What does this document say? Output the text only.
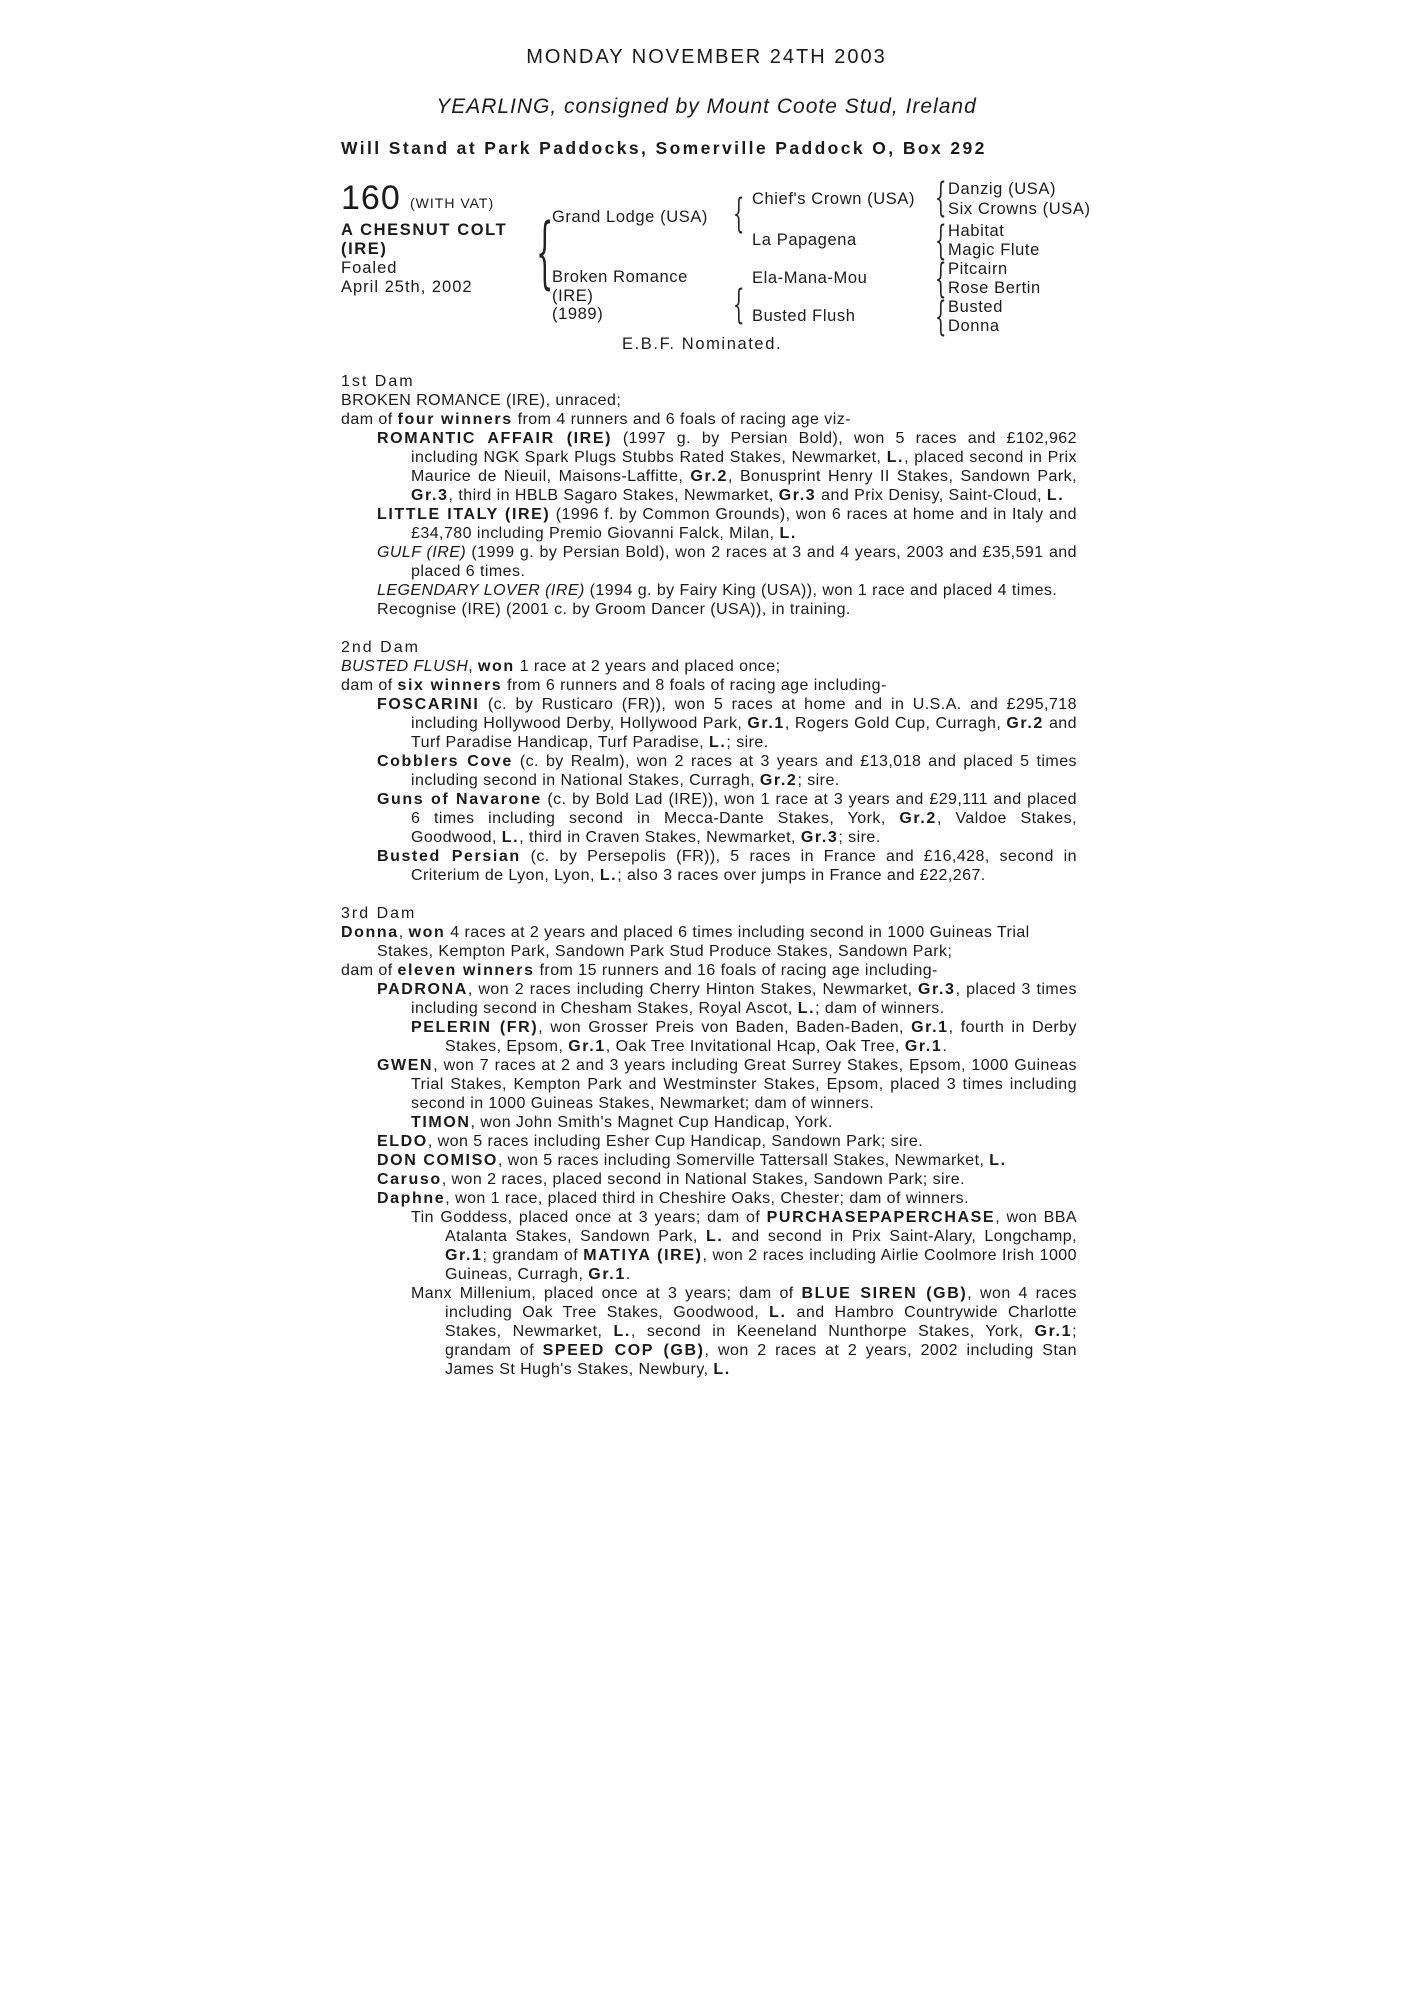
MONDAY NOVEMBER 24TH 2003
YEARLING, consigned by Mount Coote Stud, Ireland
Will Stand at Park Paddocks, Somerville Paddock O, Box 292
160 (WITH VAT)
A CHESNUT COLT
(IRE)
Foaled
April 25th, 2002 {	{
{
{
{
{
{
Grand Lodge (USA)
Broken Romance
(IRE)
(1989)
Chief's Crown (USA)
La Papagena
Ela-Mana-Mou
Busted Flush
Danzig (USA)
Six Crowns (USA)
Habitat
Magic Flute
Pitcairn
Rose Bertin
Busted
Donna
E.B.F. Nominated.
1st Dam
BROKEN ROMANCE (IRE), unraced;
dam of four winners from 4 runners and 6 foals of racing age viz-
ROMANTIC AFFAIR (IRE) (1997 g. by Persian Bold), won 5 races and £102,962 including NGK Spark Plugs Stubbs Rated Stakes, Newmarket, L., placed second in Prix Maurice de Nieuil, Maisons-Laffitte, Gr.2, Bonusprint Henry II Stakes, Sandown Park, Gr.3, third in HBLB Sagaro Stakes, Newmarket, Gr.3 and Prix Denisy, Saint-Cloud, L.
LITTLE ITALY (IRE) (1996 f. by Common Grounds), won 6 races at home and in Italy and £34,780 including Premio Giovanni Falck, Milan, L.
GULF (IRE) (1999 g. by Persian Bold), won 2 races at 3 and 4 years, 2003 and £35,591 and placed 6 times.
LEGENDARY LOVER (IRE) (1994 g. by Fairy King (USA)), won 1 race and placed 4 times.
Recognise (IRE) (2001 c. by Groom Dancer (USA)), in training.
2nd Dam
BUSTED FLUSH, won 1 race at 2 years and placed once;
dam of six winners from 6 runners and 8 foals of racing age including-
FOSCARINI (c. by Rusticaro (FR)), won 5 races at home and in U.S.A. and £295,718 including Hollywood Derby, Hollywood Park, Gr.1, Rogers Gold Cup, Curragh, Gr.2 and Turf Paradise Handicap, Turf Paradise, L.; sire.
Cobblers Cove (c. by Realm), won 2 races at 3 years and £13,018 and placed 5 times including second in National Stakes, Curragh, Gr.2; sire.
Guns of Navarone (c. by Bold Lad (IRE)), won 1 race at 3 years and £29,111 and placed 6 times including second in Mecca-Dante Stakes, York, Gr.2, Valdoe Stakes, Goodwood, L., third in Craven Stakes, Newmarket, Gr.3; sire.
Busted Persian (c. by Persepolis (FR)), 5 races in France and £16,428, second in Criterium de Lyon, Lyon, L.; also 3 races over jumps in France and £22,267.
3rd Dam
Donna, won 4 races at 2 years and placed 6 times including second in 1000 Guineas Trial Stakes, Kempton Park, Sandown Park Stud Produce Stakes, Sandown Park;
dam of eleven winners from 15 runners and 16 foals of racing age including-
PADRONA, won 2 races including Cherry Hinton Stakes, Newmarket, Gr.3, placed 3 times including second in Chesham Stakes, Royal Ascot, L.; dam of winners.
PELERIN (FR), won Grosser Preis von Baden, Baden-Baden, Gr.1, fourth in Derby Stakes, Epsom, Gr.1, Oak Tree Invitational Hcap, Oak Tree, Gr.1.
GWEN, won 7 races at 2 and 3 years including Great Surrey Stakes, Epsom, 1000 Guineas Trial Stakes, Kempton Park and Westminster Stakes, Epsom, placed 3 times including second in 1000 Guineas Stakes, Newmarket; dam of winners.
TIMON, won John Smith's Magnet Cup Handicap, York.
ELDO, won 5 races including Esher Cup Handicap, Sandown Park; sire.
DON COMISO, won 5 races including Somerville Tattersall Stakes, Newmarket, L.
Caruso, won 2 races, placed second in National Stakes, Sandown Park; sire.
Daphne, won 1 race, placed third in Cheshire Oaks, Chester; dam of winners.
Tin Goddess, placed once at 3 years; dam of PURCHASEPAPERCHASE, won BBA Atalanta Stakes, Sandown Park, L. and second in Prix Saint-Alary, Longchamp, Gr.1; grandam of MATIYA (IRE), won 2 races including Airlie Coolmore Irish 1000 Guineas, Curragh, Gr.1.
Manx Millenium, placed once at 3 years; dam of BLUE SIREN (GB), won 4 races including Oak Tree Stakes, Goodwood, L. and Hambro Countrywide Charlotte Stakes, Newmarket, L., second in Keeneland Nunthorpe Stakes, York, Gr.1; grandam of SPEED COP (GB), won 2 races at 2 years, 2002 including Stan James St Hugh's Stakes, Newbury, L.
